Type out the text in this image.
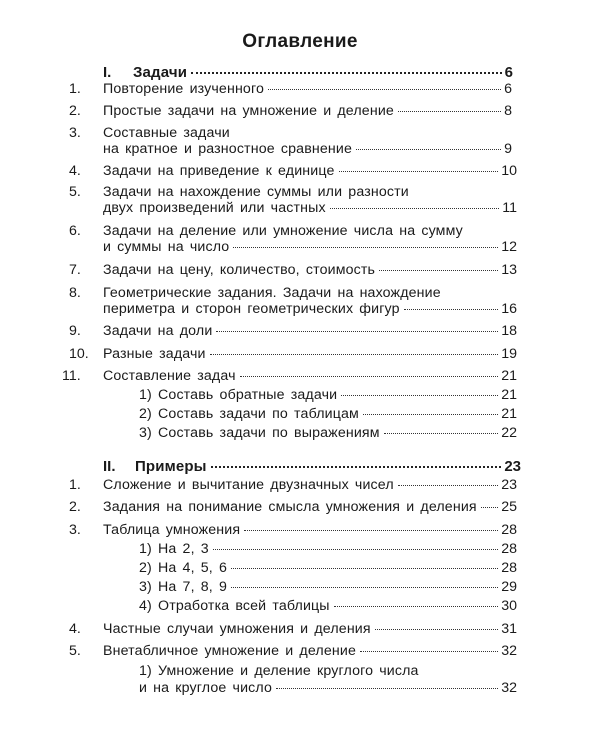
Оглавление
I. Задачи	6
1. Повторение изученного	6
2. Простые задачи на умножение и деление	8
3. Составные задачи
на кратное и разностное сравнение	9
4. Задачи на приведение к единице	10
5. Задачи на нахождение суммы или разности
двух произведений или частных	11
6. Задачи на деление или умножение числа на сумму
и суммы на число	12
7. Задачи на цену, количество, стоимость	13
8. Геометрические задания. Задачи на нахождение
периметра и сторон геометрических фигур	16
9. Задачи на доли	18
10. Разные задачи	19
11. Составление задач	21
1) Составь обратные задачи	21
2) Составь задачи по таблицам	21
3) Составь задачи по выражениям	22
II. Примеры	23
1. Сложение и вычитание двузначных чисел	23
2. Задания на понимание смысла умножения и деления 25
3. Таблица умножения	28
1) На 2, 3	28
2) На 4, 5, 6	28
3) На 7, 8, 9	29
4) Отработка всей таблицы	30
4. Частные случаи умножения и деления	31
5. Внетабличное умножение и деление	32
1) Умножение и деление круглого числа
и на круглое число	32
